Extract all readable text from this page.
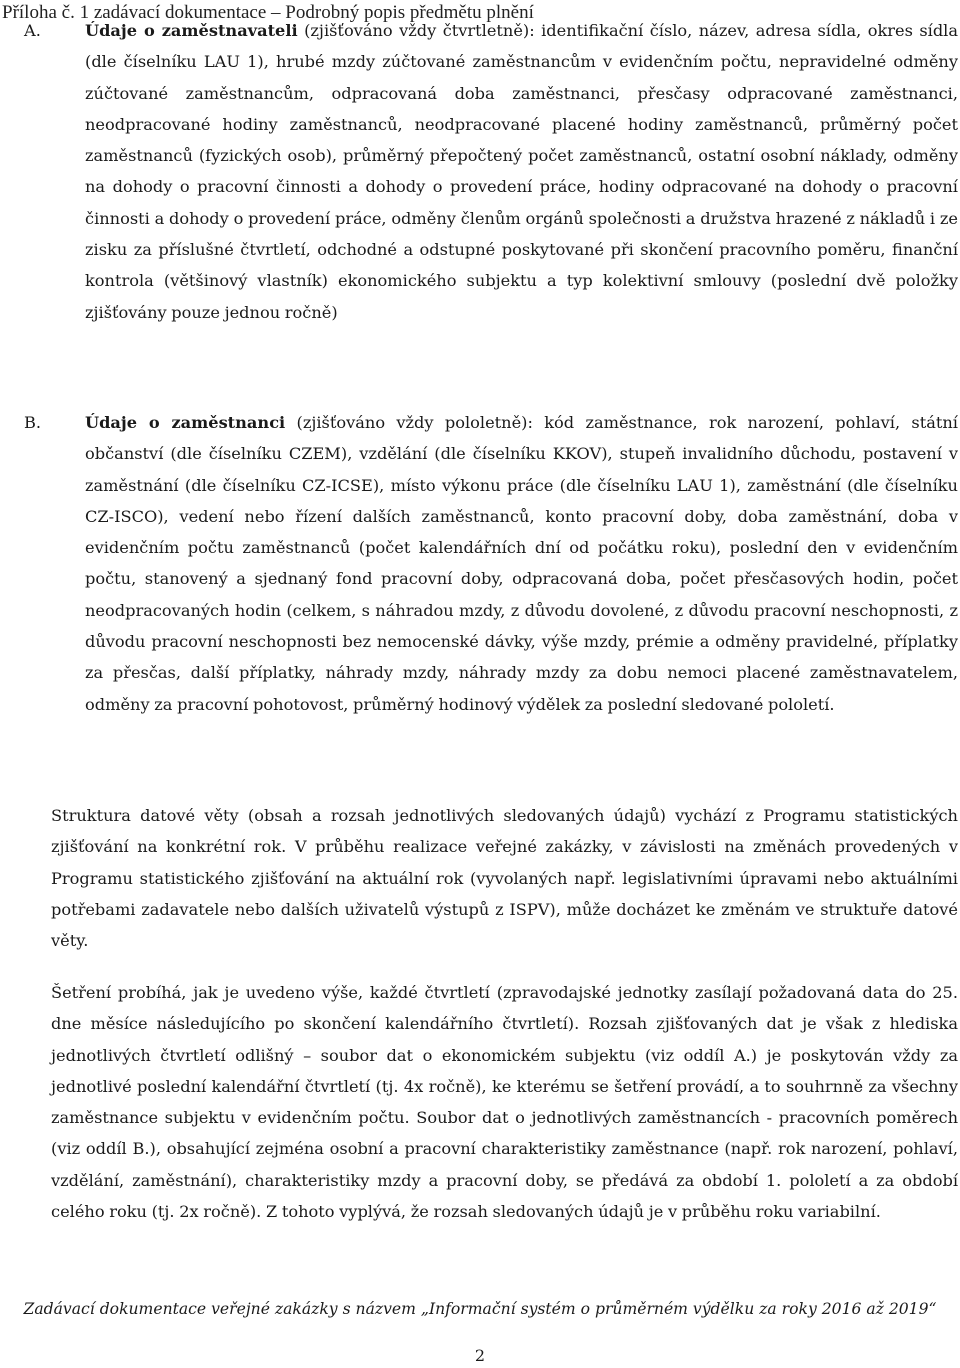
Příloha č. 1 zadávací dokumentace – Podrobný popis předmětu plnění
A.	Údaje o zaměstnavateli (zjišťováno vždy čtvrtletně): identifikační číslo, název, adresa sídla, okres sídla (dle číselníku LAU 1), hrubé mzdy zúčtované zaměstnancům v evidenčním počtu, nepravidelné odměny zúčtované zaměstnancům, odpracovaná doba zaměstnanci, přesčasy odpracované zaměstnanci, neodpracované hodiny zaměstnanců, neodpracované placené hodiny zaměstnanců, průměrný počet zaměstnanců (fyzických osob), průměrný přepočtený počet zaměstnanců, ostatní osobní náklady, odměny na dohody o pracovní činnosti a dohody o provedení práce, hodiny odpracované na dohody o pracovní činnosti a dohody o provedení práce, odměny členům orgánů společnosti a družstva hrazené z nákladů i ze zisku za příslušné čtvrtletí, odchodné a odstupné poskytované při skončení pracovního poměru, finanční kontrola (většinový vlastník) ekonomického subjektu a typ kolektivní smlouvy (poslední dvě položky zjišťovány pouze jednou ročně)
B.	Údaje o zaměstnanci (zjišťováno vždy pololetně): kód zaměstnance, rok narození, pohlaví, státní občanství (dle číselníku CZEM), vzdělání (dle číselníku KKOV), stupeň invalidního důchodu, postavení v zaměstnání (dle číselníku CZ-ICSE), místo výkonu práce (dle číselníku LAU 1), zaměstnání (dle číselníku CZ-ISCO), vedení nebo řízení dalších zaměstnanců, konto pracovní doby, doba zaměstnání, doba v evidenčním počtu zaměstnanců (počet kalendářních dní od počátku roku), poslední den v evidenčním počtu, stanovený a sjednaný fond pracovní doby, odpracovaná doba, počet přesčasových hodin, počet neodpracovaných hodin (celkem, s náhradou mzdy, z důvodu dovolené, z důvodu pracovní neschopnosti, z důvodu pracovní neschopnosti bez nemocenské dávky, výše mzdy, prémie a odměny pravidelné, příplatky za přesčas, další příplatky, náhrady mzdy, náhrady mzdy za dobu nemoci placené zaměstnavatelem, odměny za pracovní pohotovost, průměrný hodinový výdělek za poslední sledované pololetí.

Struktura datové věty (obsah a rozsah jednotlivých sledovaných údajů) vychází z Programu statistických zjišťování na konkrétní rok. V průběhu realizace veřejné zakázky, v závislosti na změnách provedených v Programu statistického zjišťování na aktuální rok (vyvolaných např. legislativními úpravami nebo aktuálními potřebami zadavatele nebo dalších uživatelů výstupů z ISPV), může docházet ke změnám ve struktuře datové věty.

Šetření probíhá, jak je uvedeno výše, každé čtvrtletí (zpravodajské jednotky zasílají požadovaná data do 25. dne měsíce následujícího po skončení kalendářního čtvrtletí). Rozsah zjišťovaných dat je však z hlediska jednotlivých čtvrtletí odlišný – soubor dat o ekonomickém subjektu (viz oddíl A.) je poskytován vždy za jednotlivé poslední kalendářní čtvrtletí (tj. 4x ročně), ke kterému se šetření provádí, a to souhrnně za všechny zaměstnance subjektu v evidenčním počtu. Soubor dat o jednotlivých zaměstnancích - pracovních poměrech (viz oddíl B.), obsahující zejména osobní a pracovní charakteristiky zaměstnance (např. rok narození, pohlaví, vzdělání, zaměstnání), charakteristiky mzdy a pracovní doby, se předává za období 1. pololetí a za období celého roku (tj. 2x ročně). Z tohoto vyplývá, že rozsah sledovaných údajů je v průběhu roku variabilní.

Zadávací dokumentace veřejné zakázky s názvem „Informační systém o průměrném výdělku za roky 2016 až 2019“
2
